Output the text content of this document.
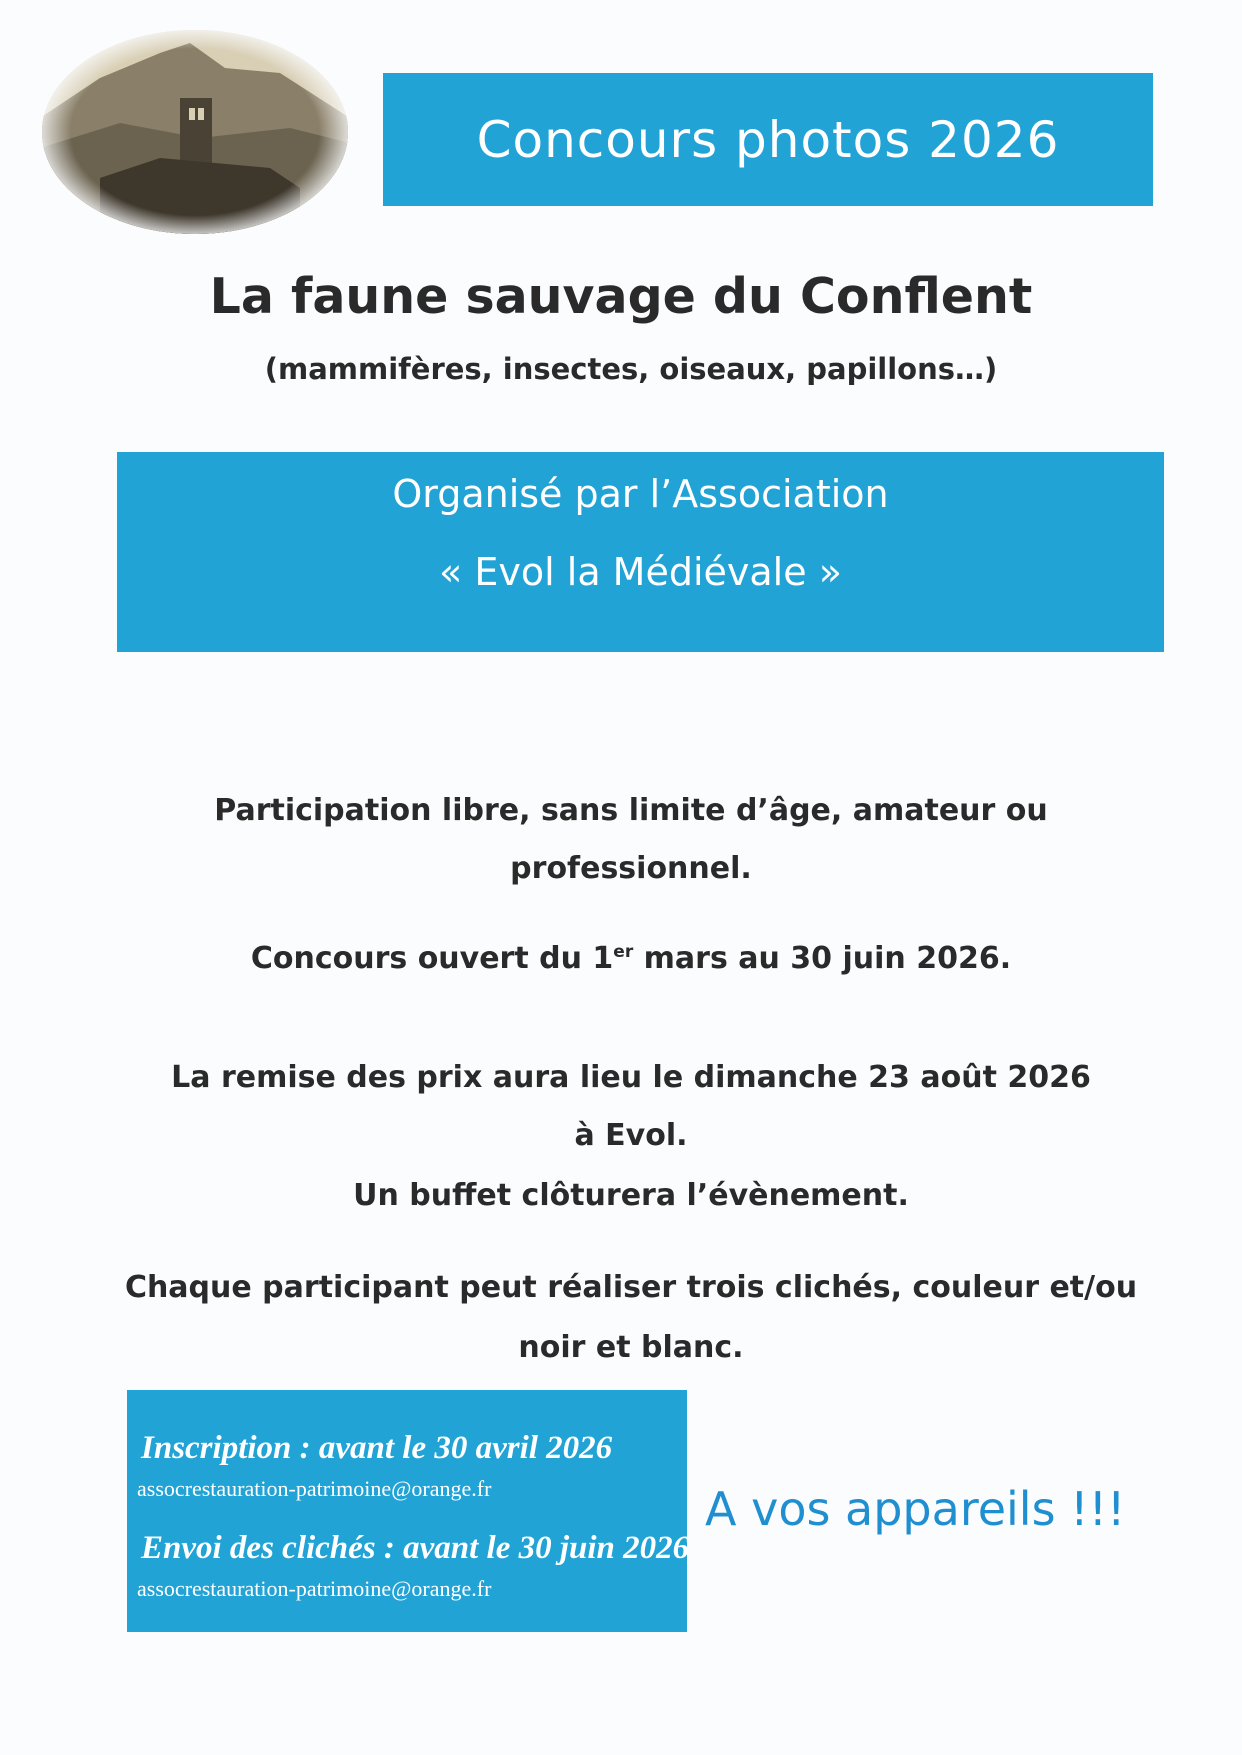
Concours photos 2026
La faune sauvage du Conflent
(mammifères, insectes, oiseaux, papillons…)
Organisé par l’Association
« Evol la Médiévale »
Participation libre, sans limite d’âge, amateur ou
professionnel.
Concours ouvert du 1er mars au 30 juin 2026.
La remise des prix aura lieu le dimanche 23 août 2026
à Evol.
Un buffet clôturera l’évènement.
Chaque participant peut réaliser trois clichés, couleur et/ou
noir et blanc.
Inscription : avant le 30 avril 2026
assocrestauration-patrimoine@orange.fr
Envoi des clichés : avant le 30 juin 2026
assocrestauration-patrimoine@orange.fr
A vos appareils !!!
